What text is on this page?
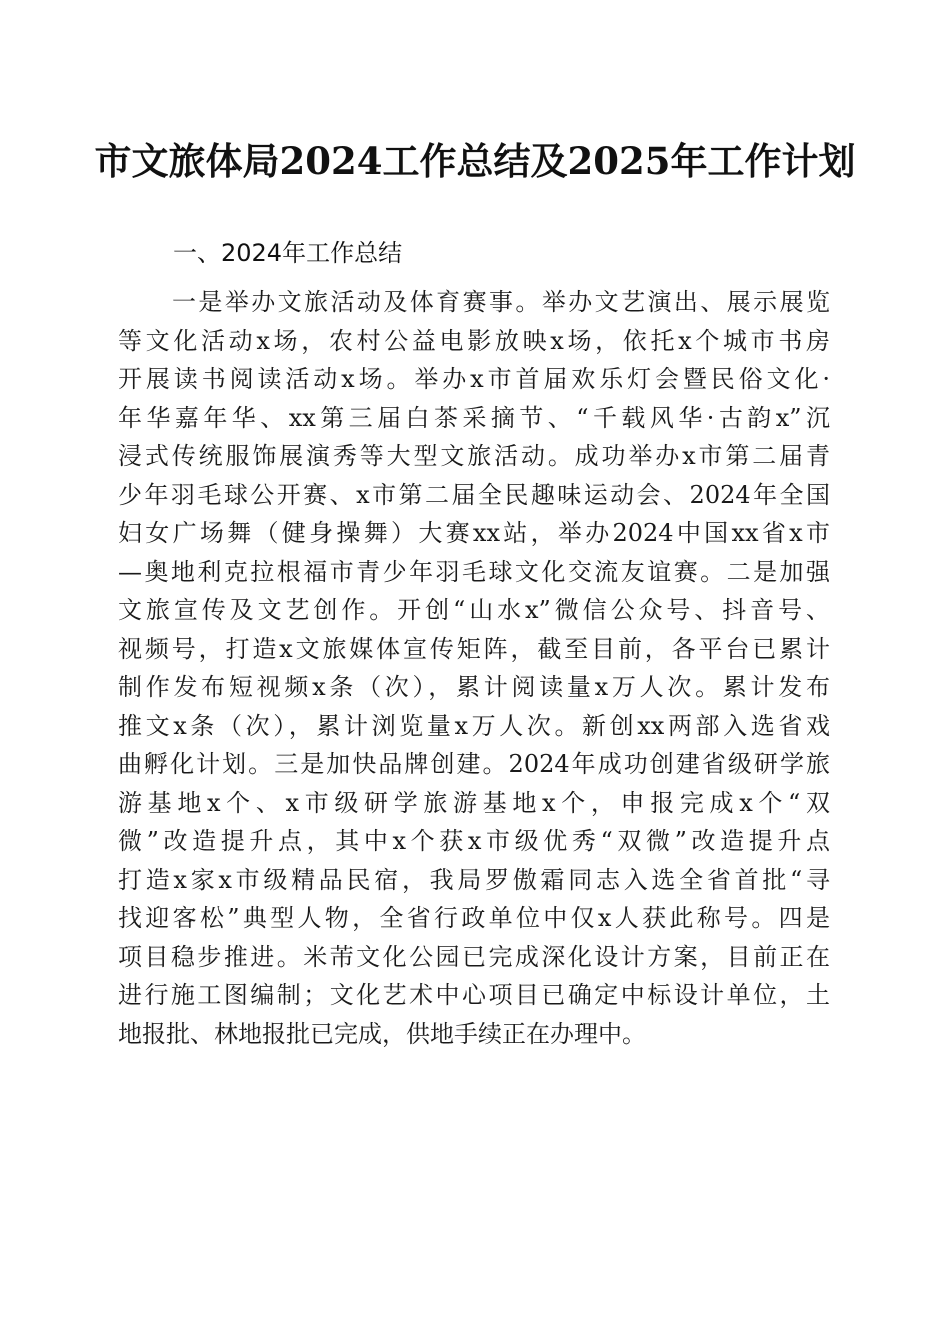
市文旅体局2024工作总结及2025年工作计划
一、2024年工作总结
一是举办文旅活动及体育赛事。举办文艺演出、展示展览
等文化活动x场，农村公益电影放映x场，依托x个城市书房
开展读书阅读活动x场。举办x市首届欢乐灯会暨民俗文化·
年华嘉年华、xx第三届白茶采摘节、“千载风华·古韵x”沉
浸式传统服饰展演秀等大型文旅活动。成功举办x市第二届青
少年羽毛球公开赛、x市第二届全民趣味运动会、2024年全国
妇女广场舞（健身操舞）大赛xx站，举办2024中国xx省x市
—奥地利克拉根福市青少年羽毛球文化交流友谊赛。二是加强
文旅宣传及文艺创作。开创“山水x”微信公众号、抖音号、
视频号，打造x文旅媒体宣传矩阵，截至目前，各平台已累计
制作发布短视频x条（次），累计阅读量x万人次。累计发布
推文x条（次），累计浏览量x万人次。新创xx两部入选省戏
曲孵化计划。三是加快品牌创建。2024年成功创建省级研学旅
游基地x个、x市级研学旅游基地x个，申报完成x个“双
微”改造提升点，其中x个获x市级优秀“双微”改造提升点
打造x家x市级精品民宿，我局罗傲霜同志入选全省首批“寻
找迎客松”典型人物，全省行政单位中仅x人获此称号。四是
项目稳步推进。米芾文化公园已完成深化设计方案，目前正在
进行施工图编制；文化艺术中心项目已确定中标设计单位，土
地报批、林地报批已完成，供地手续正在办理中。
